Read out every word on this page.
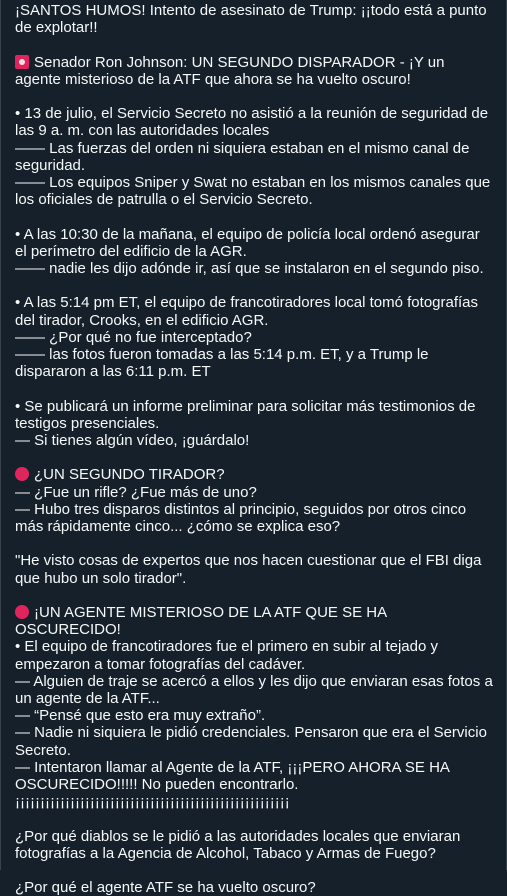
¡SANTOS HUMOS! Intento de asesinato de Trump: ¡¡todo está a punto de explotar!!
Senador Ron Johnson: UN SEGUNDO DISPARADOR - ¡Y un agente misterioso de la ATF que ahora se ha vuelto oscuro!
• 13 de julio, el Servicio Secreto no asistió a la reunión de seguridad de las 9 a. m. con las autoridades locales
—— Las fuerzas del orden ni siquiera estaban en el mismo canal de seguridad.
—— Los equipos Sniper y Swat no estaban en los mismos canales que los oficiales de patrulla o el Servicio Secreto.
• A las 10:30 de la mañana, el equipo de policía local ordenó asegurar el perímetro del edificio de la AGR.
—— nadie les dijo adónde ir, así que se instalaron en el segundo piso.
• A las 5:14 pm ET, el equipo de francotiradores local tomó fotografías del tirador, Crooks, en el edificio AGR.
—— ¿Por qué no fue interceptado?
—— las fotos fueron tomadas a las 5:14 p.m. ET, y a Trump le dispararon a las 6:11 p.m. ET
• Se publicará un informe preliminar para solicitar más testimonios de testigos presenciales.
— Si tienes algún vídeo, ¡guárdalo!
¿UN SEGUNDO TIRADOR?
— ¿Fue un rifle? ¿Fue más de uno?
— Hubo tres disparos distintos al principio, seguidos por otros cinco más rápidamente cinco... ¿cómo se explica eso?
"He visto cosas de expertos que nos hacen cuestionar que el FBI diga que hubo un solo tirador".
¡UN AGENTE MISTERIOSO DE LA ATF QUE SE HA OSCURECIDO!
• El equipo de francotiradores fue el primero en subir al tejado y empezaron a tomar fotografías del cadáver.
— Alguien de traje se acercó a ellos y les dijo que enviaran esas fotos a un agente de la ATF...
— “Pensé que esto era muy extraño”.
— Nadie ni siquiera le pidió credenciales. Pensaron que era el Servicio Secreto.
— Intentaron llamar al Agente de la ATF, ¡¡¡PERO AHORA SE HA OSCURECIDO!!!!! No pueden encontrarlo.
¡¡¡¡¡¡¡¡¡¡¡¡¡¡¡¡¡¡¡¡¡¡¡¡¡¡¡¡¡¡¡¡¡¡¡¡¡¡¡¡¡¡¡¡¡¡¡¡¡¡¡¡¡¡¡
¿Por qué diablos se le pidió a las autoridades locales que enviaran fotografías a la Agencia de Alcohol, Tabaco y Armas de Fuego?
¿Por qué el agente ATF se ha vuelto oscuro?
